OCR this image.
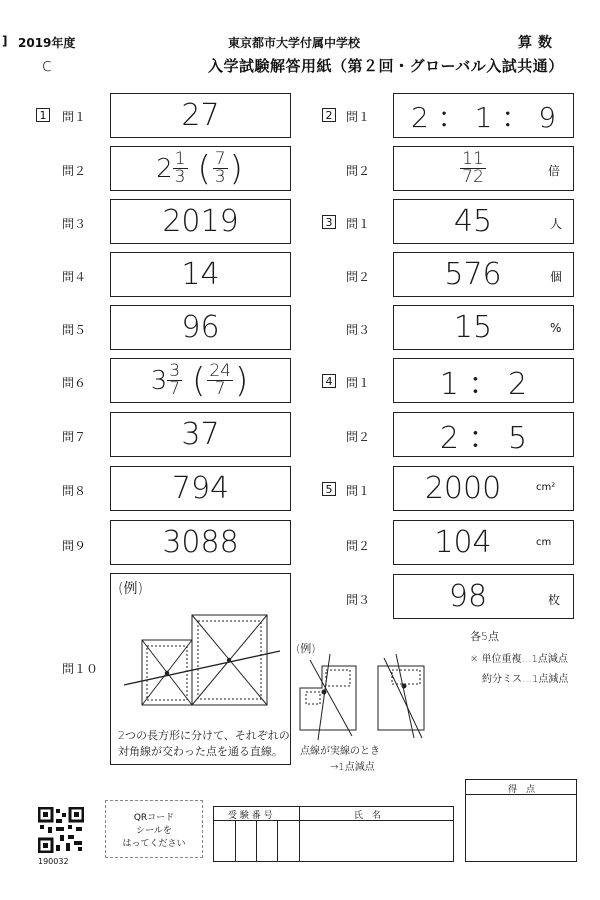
] 2019年度	東京都市大学付属中学校	算数
入学試験解答用紙（第２回・グローバル入試共通）
c
1 問１	27
問２	$2 \frac{1}{3}$ ( $\frac{7}{3}$ )
問３	2019
問４	14
問５	96
問６ $3 \frac{3}{7}$ ( $\frac{24}{7}$ )
問７	37
問８	794
問９	3088
問１０
(例)
2つの長方形に分けて、それぞれの
対角線が交わった点を通る直線。
2 問１	2 ： 1 ： 9
問２	$\frac{11}{72}$	倍
3 問１	45	人
問２	576	個
問３	15	%
4 問１	1 ： 2
問２	2 ： 5
5 問１	2000	cm²
問２	104	cm
問３	98	枚
各5点
※ 単位重複…1点減点
約分ミス…1点減点
(例)
点線が実線のとき
→1点減点
190032
QRコード
シールを
はってください
受 験 番 号	氏　名
得　点
